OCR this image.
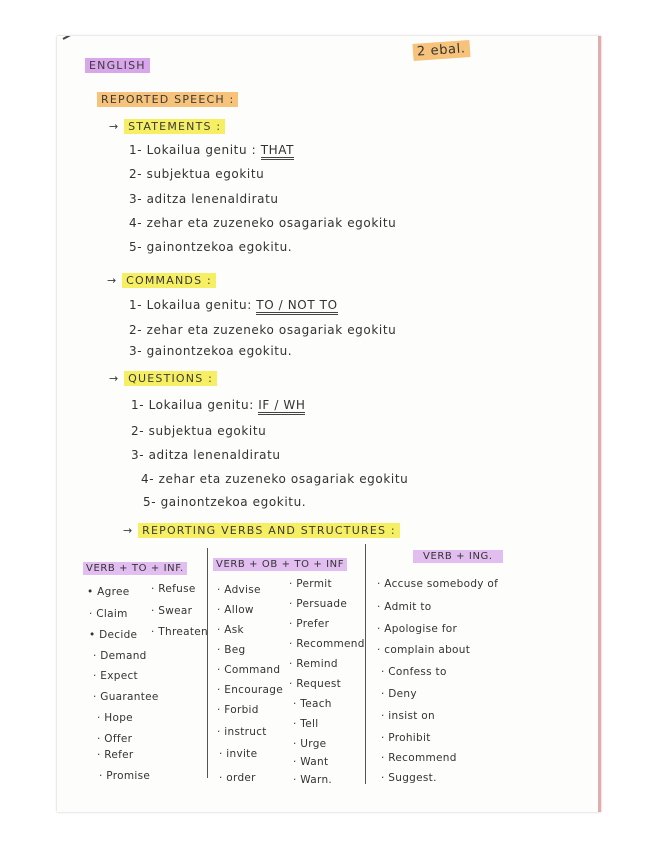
ENGLISH
2 ebal.
REPORTED SPEECH :
→ STATEMENTS :
1- Lokailua genitu : THAT
2- subjektua egokitu
3- aditza lenenaldiratu
4- zehar eta zuzeneko osagariak egokitu
5- gainontzekoa egokitu.
→ COMMANDS :
1- Lokailua genitu: TO / NOT TO
2- zehar eta zuzeneko osagariak egokitu
3- gainontzekoa egokitu.
→ QUESTIONS :
1- Lokailua genitu: IF / WH
2- subjektua egokitu
3- aditza lenenaldiratu
4- zehar eta zuzeneko osagariak egokitu
5- gainontzekoa egokitu.
→ REPORTING VERBS AND STRUCTURES :
VERB + TO + INF.
• Agree
· Claim
• Decide
· Demand
· Expect
· Guarantee
· Hope
· Offer
· Refer
· Promise
· Refuse
· Swear
· Threaten
VERB + OB + TO + INF
· Advise
· Allow
· Ask
· Beg
· Command
· Encourage
· Forbid
· instruct
· invite
· order
· Permit
· Persuade
· Prefer
· Recommend
· Remind
· Request
· Teach
· Tell
· Urge
· Want
· Warn.
VERB + ING.
· Accuse somebody of
· Admit to
· Apologise for
· complain about
· Confess to
· Deny
· insist on
· Prohibit
· Recommend
· Suggest.
